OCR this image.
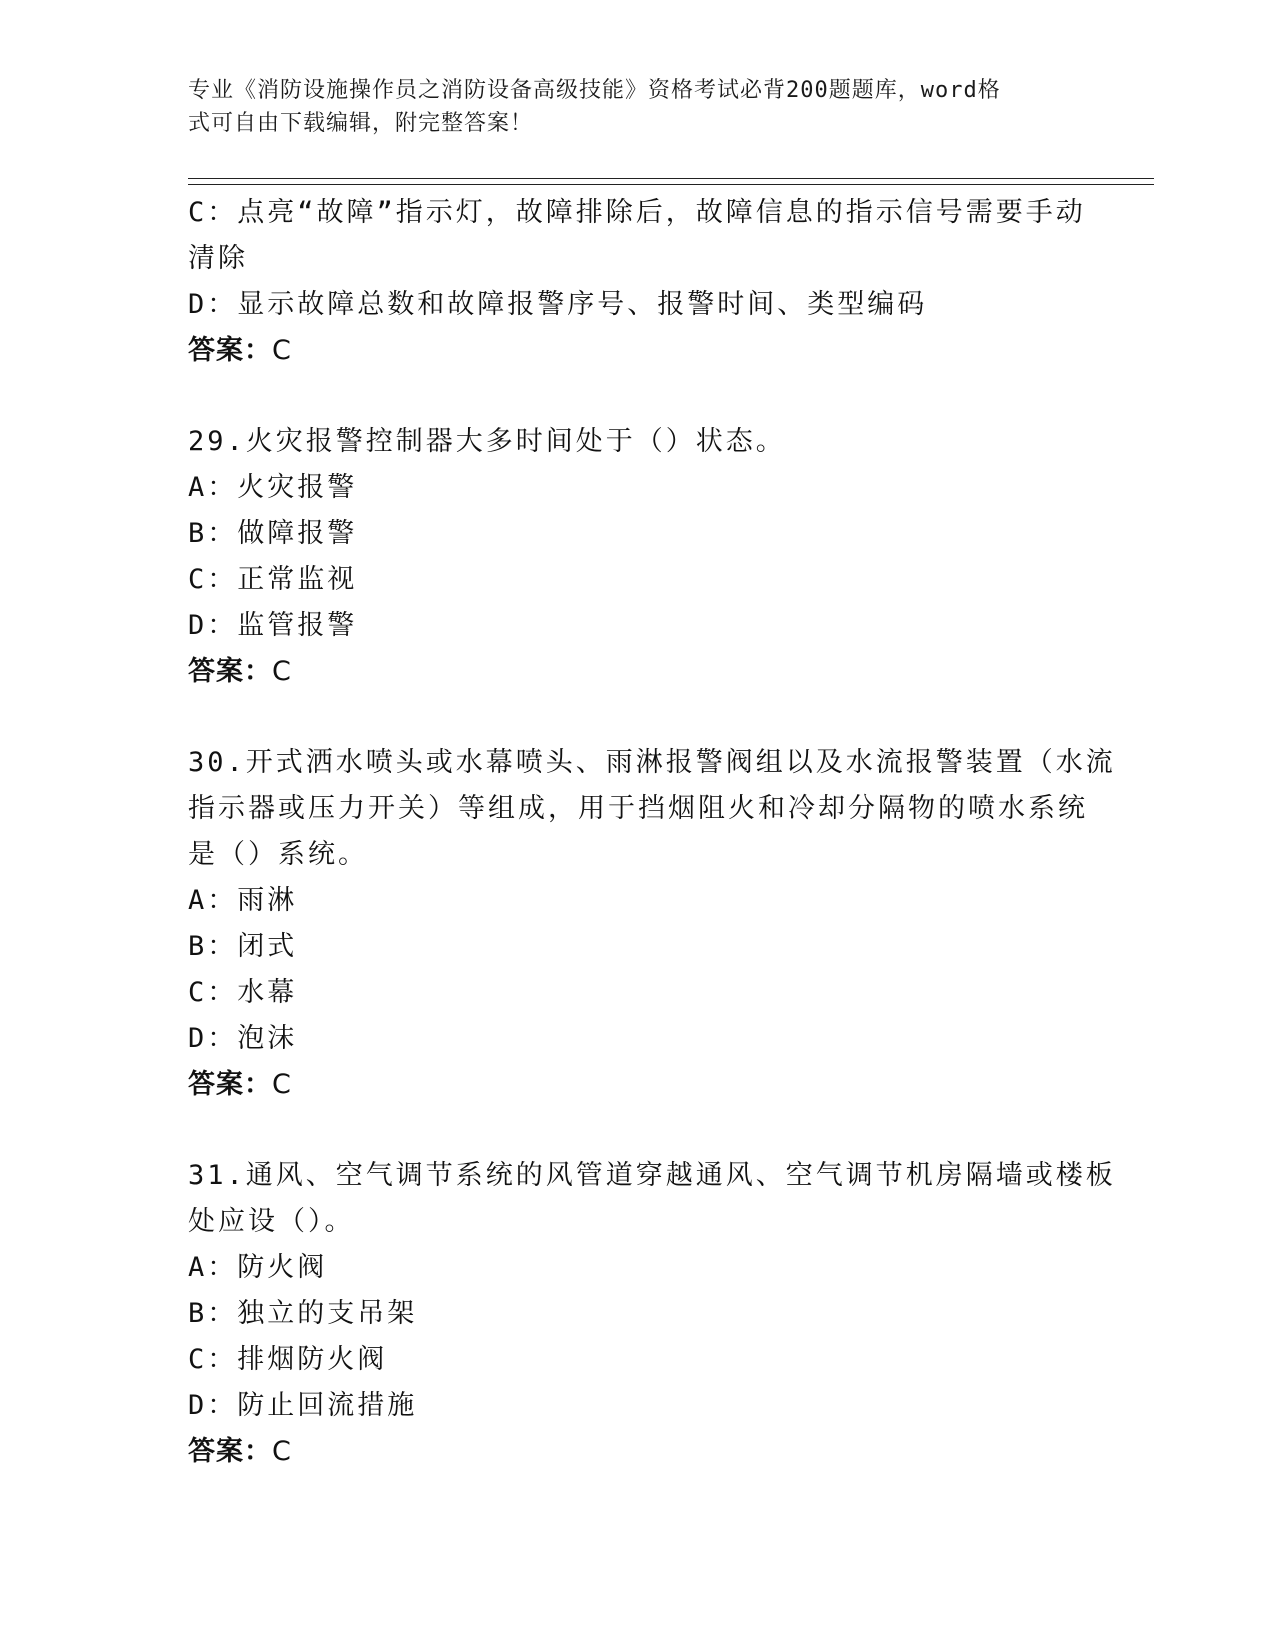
专业《消防设施操作员之消防设备高级技能》资格考试必背200题题库，word格
式可自由下载编辑，附完整答案！
C：点亮“故障”指示灯，故障排除后，故障信息的指示信号需要手动
清除
D：显示故障总数和故障报警序号、报警时间、类型编码
答案：C
29.火灾报警控制器大多时间处于（）状态。
A：火灾报警
B：做障报警
C：正常监视
D：监管报警
答案：C
30.开式洒水喷头或水幕喷头、雨淋报警阀组以及水流报警装置（水流
指示器或压力开关）等组成，用于挡烟阻火和冷却分隔物的喷水系统
是（）系统。
A：雨淋
B：闭式
C：水幕
D：泡沫
答案：C
31.通风、空气调节系统的风管道穿越通风、空气调节机房隔墙或楼板
处应设（）。
A：防火阀
B：独立的支吊架
C：排烟防火阀
D：防止回流措施
答案：C
